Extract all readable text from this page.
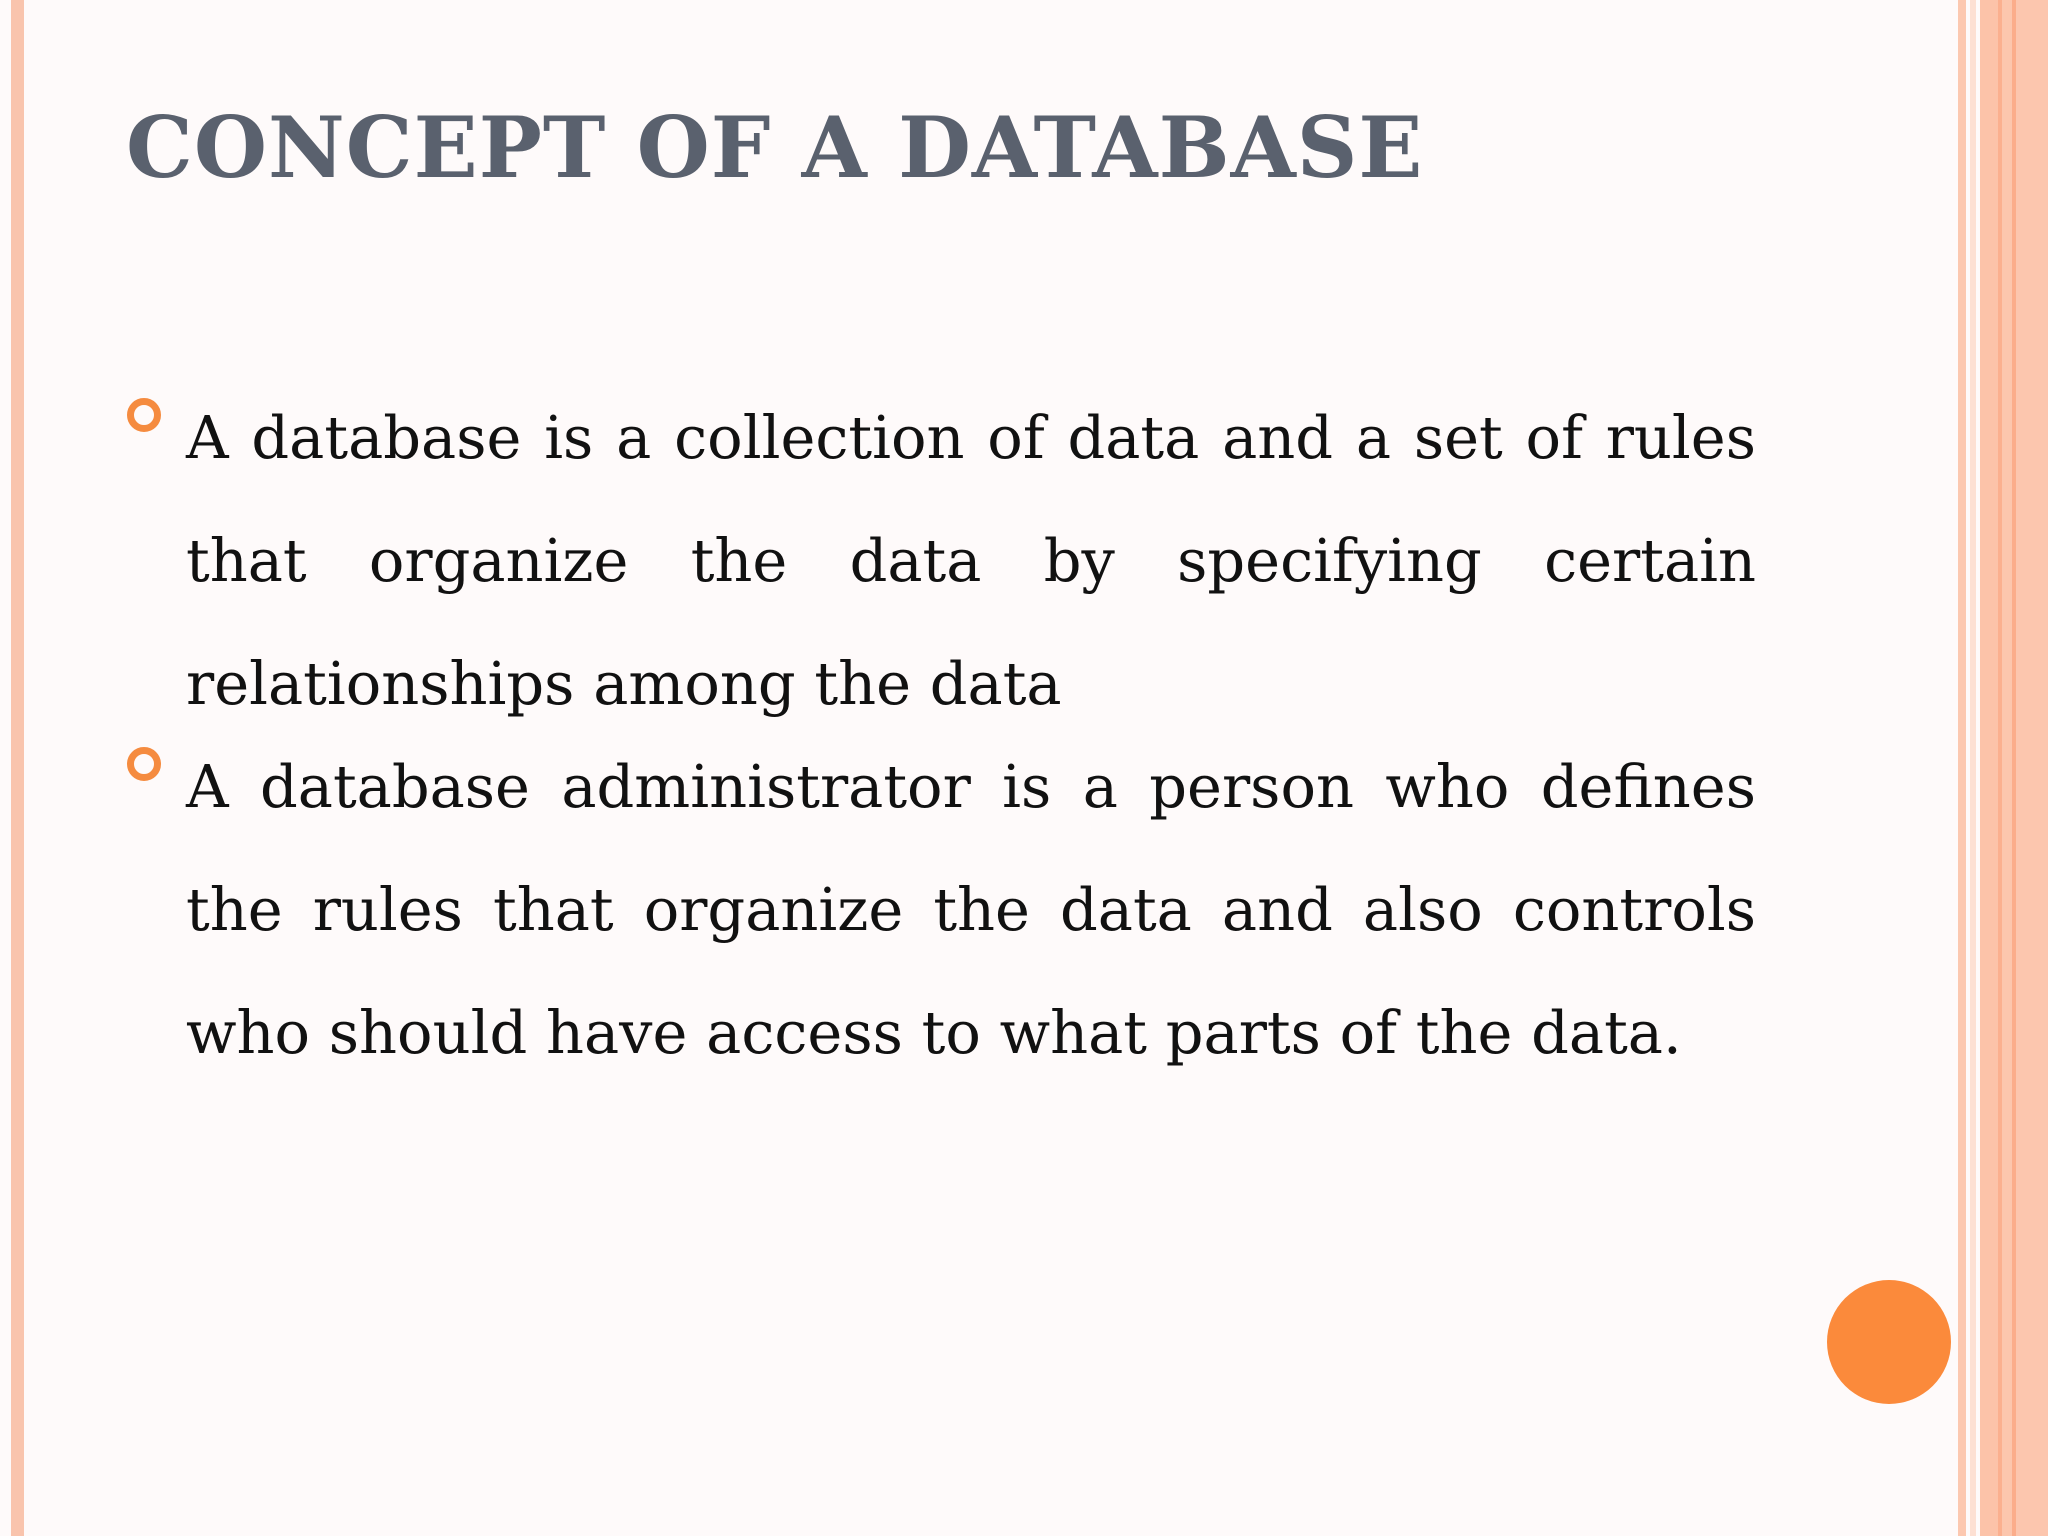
CONCEPT OF A DATABASE
A database is a collection of data and a set of rules that organize the data by specifying certain relationships among the data
A database administrator is a person who defines the rules that organize the data and also controls who should have access to what parts of the data.
